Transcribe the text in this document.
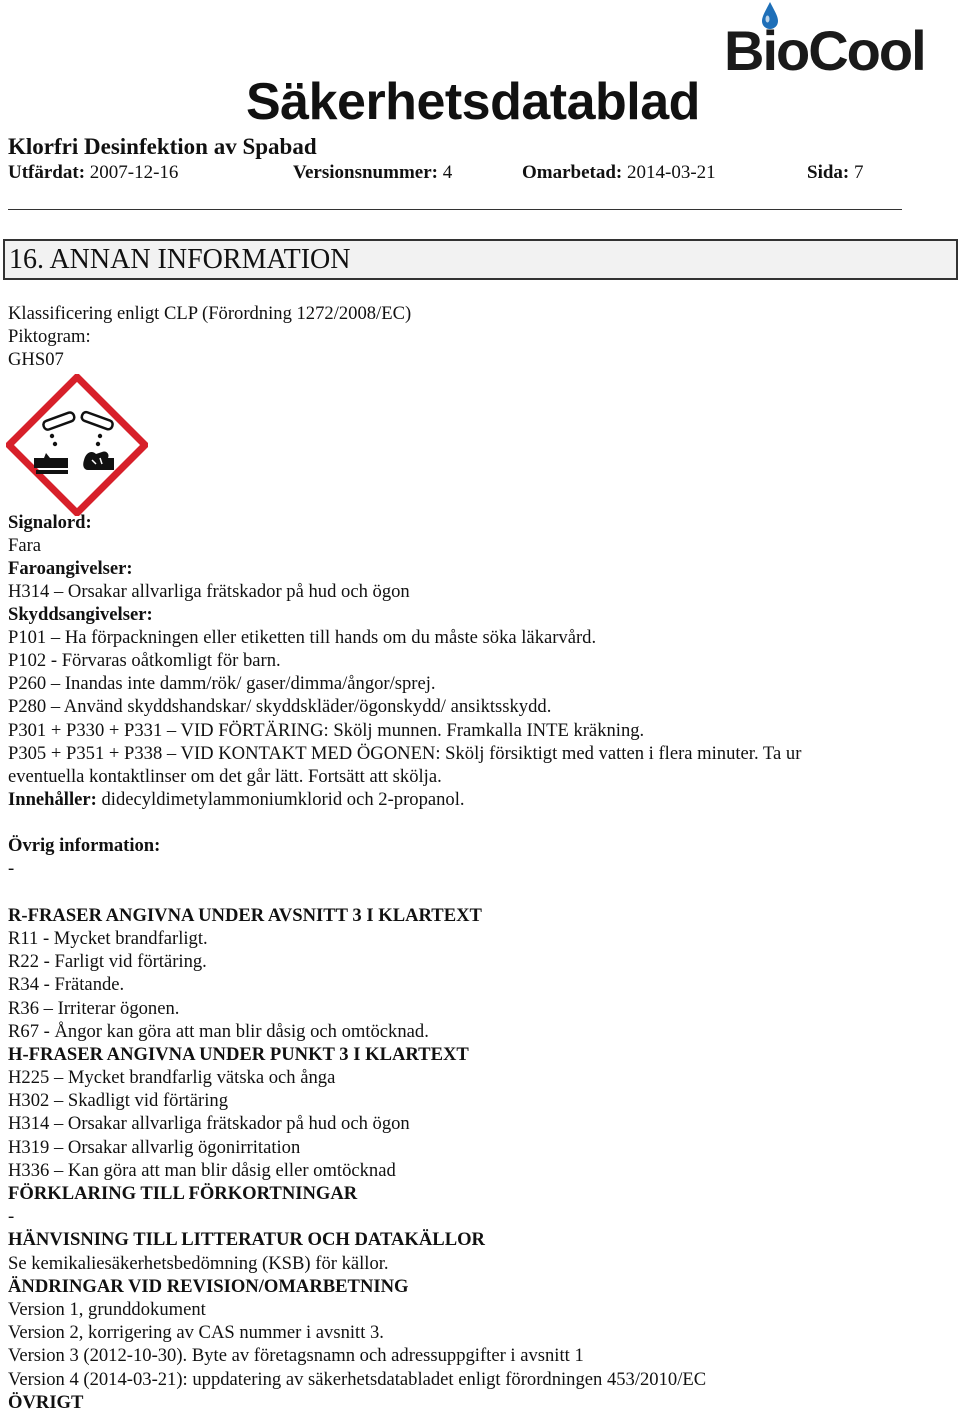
Säkerhetsdatablad
BioCool
Klorfri Desinfektion av Spabad
Utfärdat: 2007-12-16	Versionsnummer: 4	Omarbetad: 2014-03-21	Sida: 7
16. ANNAN INFORMATION
Klassificering enligt CLP (Förordning 1272/2008/EC)
Piktogram:
GHS07
Signalord:
Fara
Faroangivelser:
H314 – Orsakar allvarliga frätskador på hud och ögon
Skyddsangivelser:
P101 – Ha förpackningen eller etiketten till hands om du måste söka läkarvård.
P102 - Förvaras oåtkomligt för barn.
P260 – Inandas inte damm/rök/ gaser/dimma/ångor/sprej.
P280 – Använd skyddshandskar/ skyddskläder/ögonskydd/ ansiktsskydd.
P301 + P330 + P331 – VID FÖRTÄRING: Skölj munnen. Framkalla INTE kräkning.
P305 + P351 + P338 – VID KONTAKT MED ÖGONEN: Skölj försiktigt med vatten i flera minuter. Ta ur
eventuella kontaktlinser om det går lätt. Fortsätt att skölja.
Innehåller: didecyldimetylammoniumklorid och 2-propanol.
Övrig information:
-
R-FRASER ANGIVNA UNDER AVSNITT 3 I KLARTEXT
R11 - Mycket brandfarligt.
R22 - Farligt vid förtäring.
R34 - Frätande.
R36 – Irriterar ögonen.
R67 - Ångor kan göra att man blir dåsig och omtöcknad.
H-FRASER ANGIVNA UNDER PUNKT 3 I KLARTEXT
H225 – Mycket brandfarlig vätska och ånga
H302 – Skadligt vid förtäring
H314 – Orsakar allvarliga frätskador på hud och ögon
H319 – Orsakar allvarlig ögonirritation
H336 – Kan göra att man blir dåsig eller omtöcknad
FÖRKLARING TILL FÖRKORTNINGAR
-
HÄNVISNING TILL LITTERATUR OCH DATAKÄLLOR
Se kemikaliesäkerhetsbedömning (KSB) för källor.
ÄNDRINGAR VID REVISION/OMARBETNING
Version 1, grunddokument
Version 2, korrigering av CAS nummer i avsnitt 3.
Version 3 (2012-10-30). Byte av företagsnamn och adressuppgifter i avsnitt 1
Version 4 (2014-03-21): uppdatering av säkerhetsdatabladet enligt förordningen 453/2010/EC
ÖVRIGT
